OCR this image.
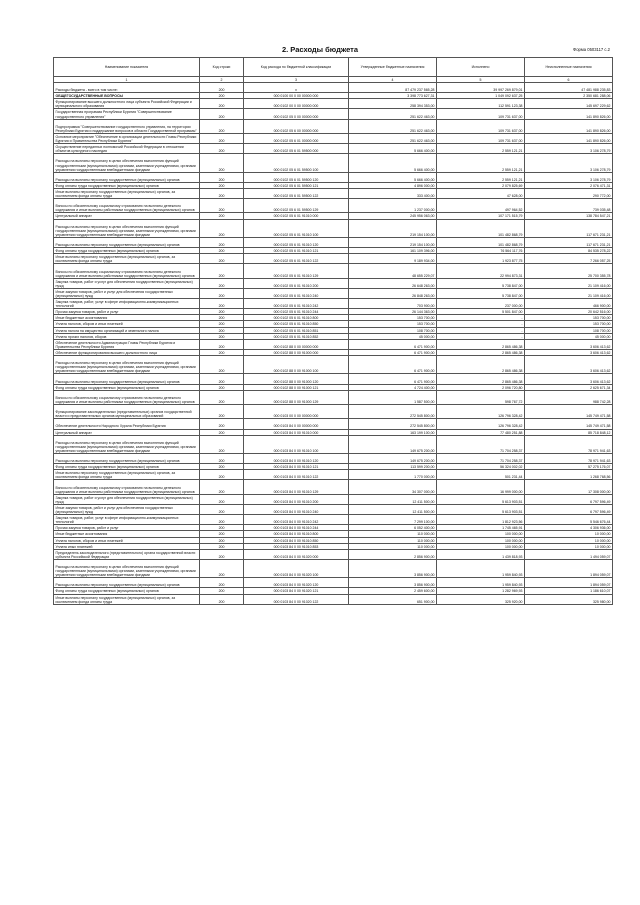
2. Расходы бюджета	Форма 0503117 с.2
Наименование показателя	Код строки	Код расхода по бюджетной классификации	Утвержденные бюджетные назначения	Исполнено	Неисполненные назначения
1	2	3	4	5	6
Расходы бюджета - всего в том числе:	200	x	87 479 237 565,28	39 997 269 879,01	47 481 988 235,83
ОБЩЕГОСУДАРСТВЕННЫЕ ВОПРОСЫ	200	000 0100 00 0 00 00000 000	3 398 773 627,31	1 049 092 637,25	2 350 681 288,06
Функционирование высшего должностного лица субъекта Российской Федерации и муниципального образования	200	000 0102 00 0 00 00000 000	258 394 353,00	112 591 123,38	145 697 229,62
Государственная программа Республики Бурятия "Совершенствование государственного управления"	200	000 0102 05 0 00 00000 000	251 622 463,00	109 731 637,00	141 890 826,00
Подпрограмма "Совершенствование государственного управления, на территории Республики Бурятия и поддержание вопросов в области Государственной программы"	200	000 0102 05 6 00 00000 000	251 622 463,00	109 731 637,00	141 890 826,00
Основное мероприятие "Обеспечение в организации деятельности Главы Республики Бурятия и Правительства Республики Бурятия"	200	000 0102 05 6 01 00000 000	251 622 463,00	109 731 637,00	141 890 826,00
Осуществление переданных полномочий Российской Федерации в отношении объектов культурного наследия	200	000 0102 05 6 01 59500 000	5 666 400,00	2 559 121,21	3 106 278,79
Расходы на выплаты персоналу в целях обеспечения выполнения функций государственными (муниципальными) органами, казенными учреждениями, органами управления государственными внебюджетными фондами	200	000 0102 05 6 01 59500 100	5 666 400,00	2 559 121,21	3 106 278,79
Расходы на выплаты персоналу государственных (муниципальных) органов	200	000 0102 05 6 01 59500 120	5 666 400,00	2 559 121,21	3 106 278,79
Фонд оплаты труда государственных (муниципальных) органов	200	000 0102 05 6 01 59500 121	4 896 000,00	2 079 825,69	2 076 471,31
Иные выплаты персоналу государственных (муниципальных) органов, за исключением фонда оплаты труда	200	000 0102 05 6 01 59500 122	333 400,00	47 628,00	290 772,00
Взносы по обязательному социальному страхованию на выплаты денежного содержания и иные выплаты работникам государственных (муниципальных) органов	200	000 0102 05 6 01 59500 129	1 237 000,00	497 964,52	739 035,48
Центральный аппарат	200	000 0102 05 6 01 91010 000	245 956 063,00	107 171 515,79	138 784 547,21
Расходы на выплаты персоналу в целях обеспечения выполнения функций государственными (муниципальными) органами, казенными учреждениями, органами управления государственными внебюджетными фондами	200	000 0102 05 6 01 91010 100	219 154 100,00	101 482 868,79	117 671 231,21
Расходы на выплаты персоналу государственных (муниципальных) органов	200	000 0102 05 6 01 91010 120	219 154 100,00	101 482 868,79	117 671 231,21
Фонд оплаты труда государственных (муниципальных) органов	200	000 0102 05 6 01 91010 121	161 109 396,00	76 564 117,76	84 535 278,22
Иные выплаты персоналу государственных (муниципальных) органов, за исключением фонда оплаты труда	200	000 0102 05 6 01 91010 122	9 189 934,00	1 923 877,75	7 266 057,25
Взносы по обязательному социальному страхованию на выплаты денежного содержания и иные выплаты работникам государственных (муниципальных) органов	200	000 0102 05 6 01 91010 129	48 655 229,07	22 994 873,31	25 700 355,78
Закупка товаров, работ и услуг для обеспечения государственных (муниципальных) нужд	200	000 0102 05 6 01 91010 200	26 648 263,00	5 738 847,00	21 109 416,00
Иные закупки товаров, работ и услуг для обеспечения государственных (муниципальных) нужд	200	000 0102 05 6 01 91010 240	26 848 263,00	5 738 847,00	21 109 416,00
Закупка товаров, работ, услуг в сфере информационно-коммуникационных технологий	200	000 0102 05 6 01 91010 242	703 900,00	237 000,00	466 900,00
Прочая закупка товаров, работ и услуг	200	000 0102 05 6 01 91010 244	26 144 363,00	5 501 847,00	20 642 516,00
Иные бюджетные ассигнования	200	000 0102 05 6 01 91010 800	153 700,00	-	153 700,00
Уплата налогов, сборов и иных платежей	200	000 0102 05 6 01 91010 850	153 700,00	-	153 700,00
Уплата налога на имущество организаций и земельного налога	200	000 0102 05 6 01 91010 851	108 700,00	-	108 700,00
Уплата прочих налогов, сборов	200	000 0102 05 6 01 91010 852	45 000,00	-	45 000,00
Обеспечение деятельности Администрации Главы Республики Бурятия и Правительства Республики Бурятия	200	000 0102 88 0 00 00000 000	6 471 900,00	2 865 486,38	3 606 413,62
Обеспечение функционирования высшего должностного лица	200	000 0102 88 0 00 91000 000	6 471 900,00	2 865 486,38	3 606 413,62
Расходы на выплаты персоналу в целях обеспечения выполнения функций государственными (муниципальными) органами, казенными учреждениями, органами управления государственными внебюджетными фондами	200	000 0102 88 0 00 91000 100	6 471 900,00	2 865 486,38	3 606 413,62
Расходы на выплаты персоналу государственных (муниципальных) органов	200	000 0102 88 0 00 91000 120	6 471 900,00	2 865 486,38	3 606 413,62
Фонд оплаты труда государственных (муниципальных) органов	200	000 0102 88 0 00 91000 121	4 724 400,00	2 096 720,80	2 625 671,34
Взносы по обязательному социальному страхованию на выплаты денежного содержания и иные выплаты работникам государственных (муниципальных) органов	200	000 0102 88 0 00 91000 129	1 587 500,00	598 767,72	988 742,28
Функционирование законодательных (представительных) органов государственной власти и представительных органов муниципальных образований	200	000 0103 00 0 00 00000 000	272 545 800,00	126 796 328,42	145 749 471,58
Обеспечение деятельности Народного Хурала Республики Бурятия	200	000 0103 84 0 00 00000 000	272 545 800,00	126 796 328,42	145 749 471,58
Центральный аппарат	200	000 0103 84 0 00 91010 000	163 199 100,00	77 480 251,88	85 718 848,12
Расходы на выплаты персоналу в целях обеспечения выполнения функций государственными (муниципальными) органами, казенными учреждениями, органами управления государственными внебюджетными фондами	200	000 0103 84 0 00 91010 100	149 675 200,00	71 704 258,37	78 971 941,63
Расходы на выплаты персоналу государственных (муниципальных) органов	200	000 0103 84 0 00 91010 120	149 675 200,00	71 704 258,37	78 971 941,63
Фонд оплаты труда государственных (муниципальных) органов	200	000 0103 84 0 00 91010 121	113 599 200,00	56 324 002,02	57 275 176,07
Иные выплаты персоналу государственных (муниципальных) органов, за исключением фонда оплаты труда	200	000 0103 84 0 00 91010 122	1 770 000,00	501 231,44	1 268 768,56
Взносы по обязательному социальному страхованию на выплаты денежного содержания и иные выплаты работникам государственных (муниципальных) органов	200	000 0103 84 0 00 91010 129	34 307 000,00	16 999 000,00	17 308 000,00
Закупка товаров, работ и услуг для обеспечения государственных (муниципальных) нужд	200	000 0103 84 0 00 91010 200	12 411 500,00	5 613 903,51	6 797 596,49
Иные закупки товаров, работ и услуг для обеспечения государственных (муниципальных) нужд	200	000 0103 84 0 00 91010 240	12 411 500,00	5 613 903,51	6 797 596,49
Закупка товаров, работ, услуг в сфере информационно-коммуникационных технологий	200	000 0103 84 0 00 91010 242	7 299 100,00	1 812 923,56	5 546 676,44
Прочая закупка товаров, работ и услуг	200	000 0103 84 0 00 91010 244	6 052 400,00	1 745 465,91	4 306 936,00
Иные бюджетные ассигнования	200	000 0103 84 0 00 91010 800	110 000,00	100 000,00	10 000,00
Уплата налогов, сборов и иных платежей	200	000 0103 84 0 00 91010 850	110 000,00	100 000,00	10 000,00
Уплата иных платежей	200	000 0103 84 0 00 91010 853	110 000,00	100 000,00	10 000,00
Председатель законодательного (представительного) органа государственной власти субъекта Российской Федерации	200	000 0103 84 0 00 91020 000	2 856 900,00	1 439 818,93	1 494 059,07
Расходы на выплаты персоналу в целях обеспечения выполнения функций государственными (муниципальными) органами, казенными учреждениями, органами управления государственными внебюджетными фондами	200	000 0103 84 0 00 91020 100	3 856 900,00	1 959 840,93	1 894 059,07
Расходы на выплаты персоналу государственных (муниципальных) органов	200	000 0103 84 0 00 91020 120	3 856 900,00	1 959 840,93	1 894 059,07
Фонд оплаты труда государственных (муниципальных) органов	200	000 0103 84 0 00 91020 121	2 459 600,00	1 282 969,93	1 186 610,07
Иные выплаты персоналу государственных (муниципальных) органов, за исключением фонда оплаты труда	200	000 0103 84 0 00 91020 122	651 900,00	325 920,00	325 980,00
